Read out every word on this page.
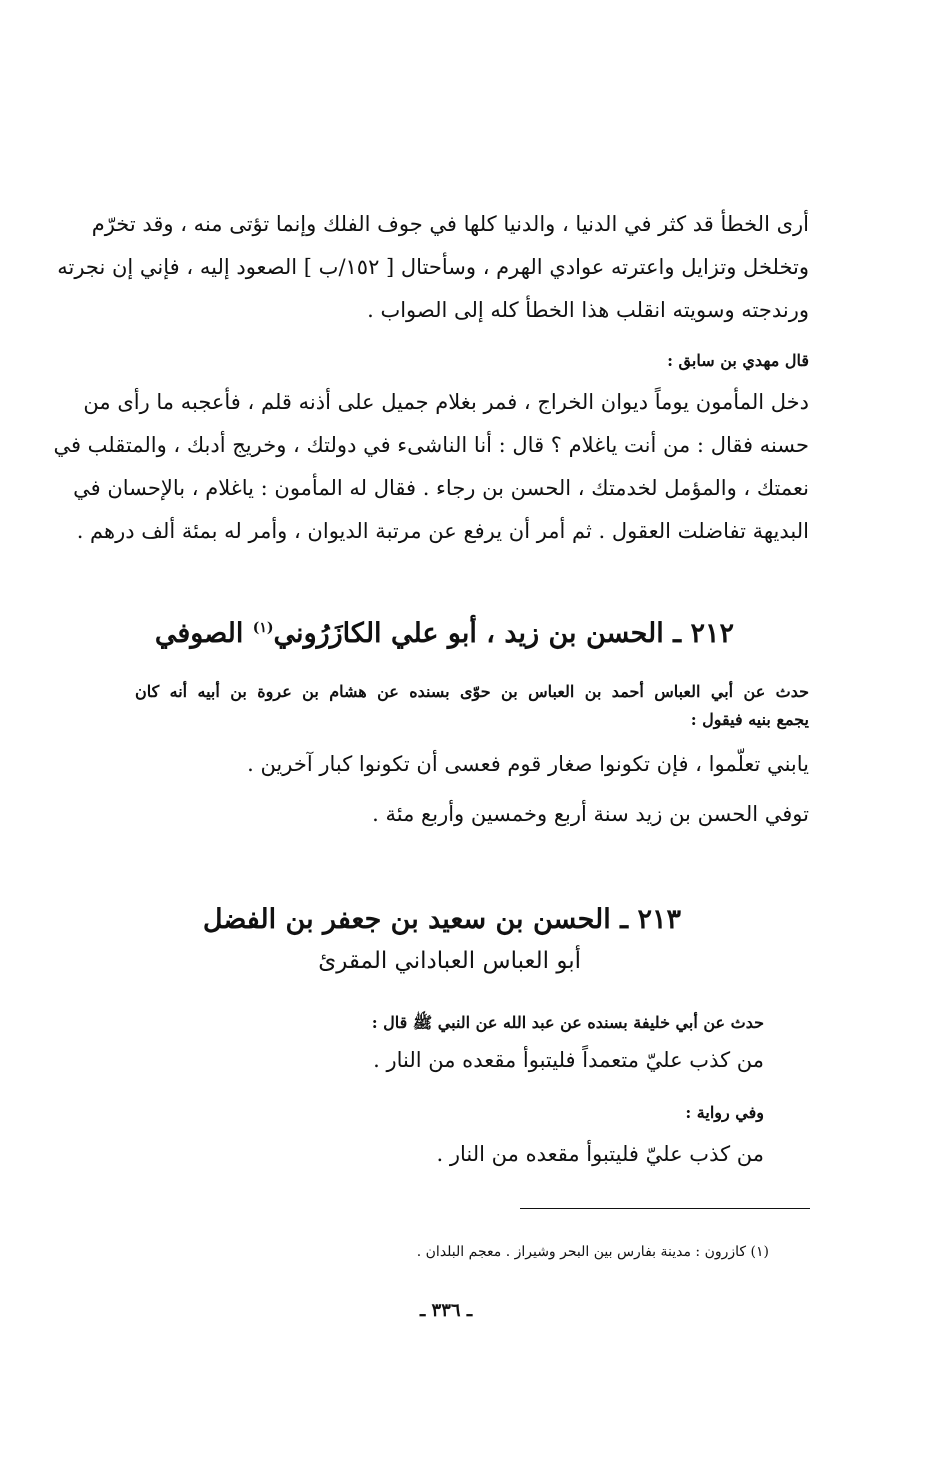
أرى الخطأ قد كثر في الدنيا ، والدنيا كلها في جوف الفلك وإنما تؤتى منه ، وقد تخرّم
وتخلخل وتزايل واعترته عوادي الهرم ، وسأحتال [ ١٥٢/ب ] الصعود إليه ، فإني إن نجرته
ورندجته وسويته انقلب هذا الخطأ كله إلى الصواب .
قال مهدي بن سابق :
دخل المأمون يوماً ديوان الخراج ، فمر بغلام جميل على أذنه قلم ، فأعجبه ما رأى من
حسنه فقال : من أنت ياغلام ؟ قال : أنا الناشىء في دولتك ، وخريج أدبك ، والمتقلب في
نعمتك ، والمؤمل لخدمتك ، الحسن بن رجاء . فقال له المأمون : ياغلام ، بالإحسان في
البديهة تفاضلت العقول . ثم أمر أن يرفع عن مرتبة الديوان ، وأمر له بمئة ألف درهم .
٢١٢ ـ الحسن بن زيد ، أبو علي الكازَرُوني$^{(١)}$ الصوفي
حدث عن أبي العباس أحمد بن العباس بن حوّى بسنده عن هشام بن عروة بن أبيه أنه كان
يجمع بنيه فيقول :
يابني تعلّموا ، فإن تكونوا صغار قوم فعسى أن تكونوا كبار آخرين .
توفي الحسن بن زيد سنة أربع وخمسين وأربع مئة .
٢١٣ ـ الحسن بن سعيد بن جعفر بن الفضل
أبو العباس العباداني المقرئ
حدث عن أبي خليفة بسنده عن عبد الله عن النبي ﷺ قال :
من كذب عليّ متعمداً فليتبوأ مقعده من النار .
وفي رواية :
من كذب عليّ فليتبوأ مقعده من النار .
(١) كازرون : مدينة بفارس بين البحر وشيراز . معجم البلدان .
ـ ٣٣٦ ـ
